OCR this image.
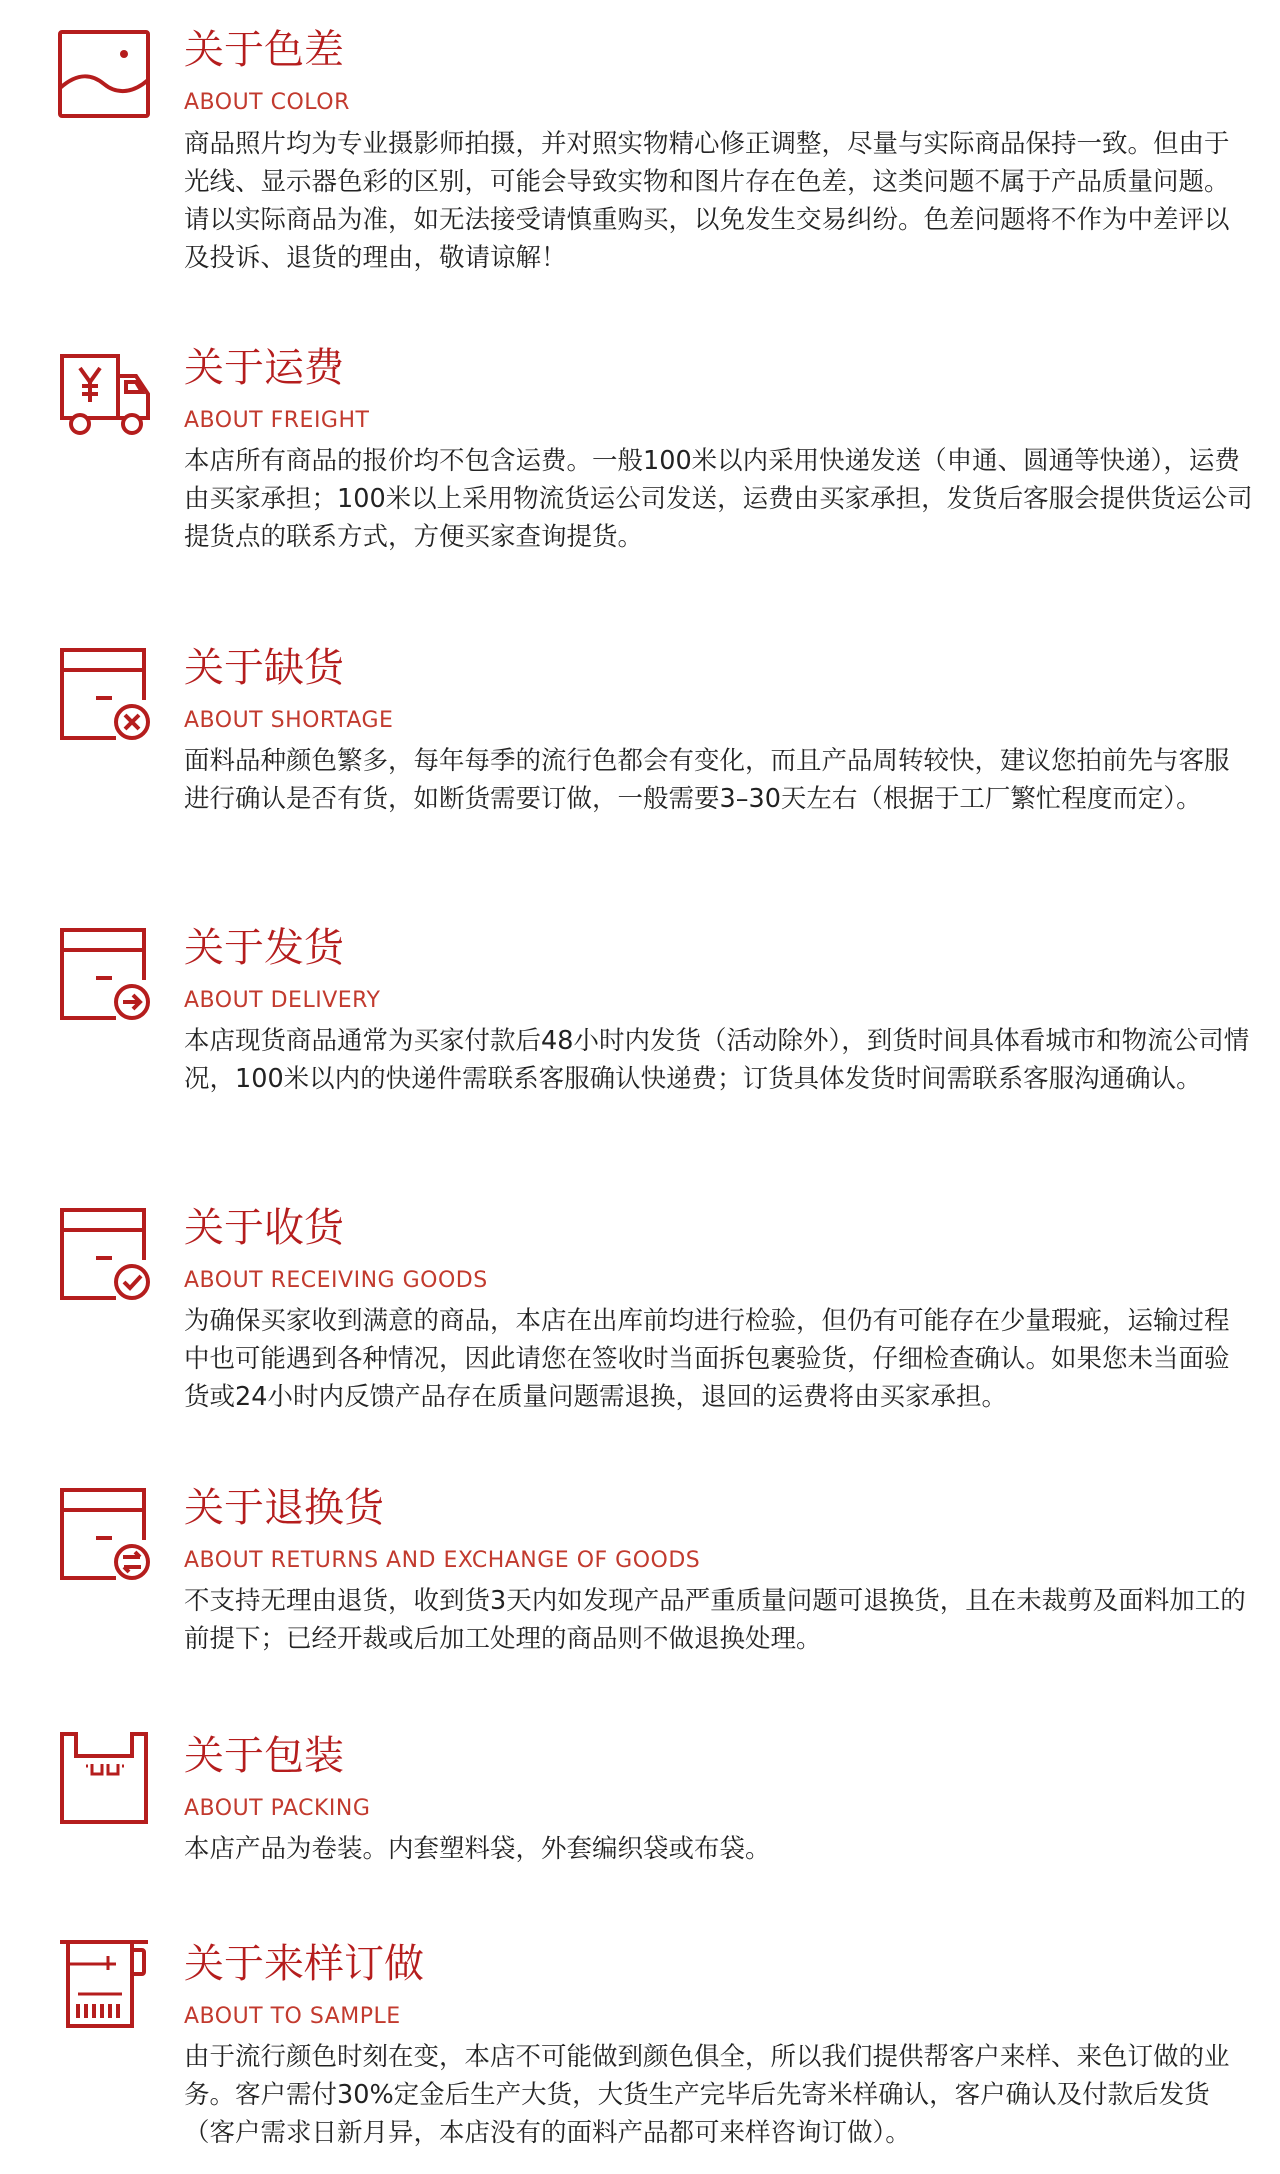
关于色差
ABOUT COLOR

商品照片均为专业摄影师拍摄，并对照实物精心修正调整，尽量与实际商品保持一致。但由于光线、显示器色彩的区别，可能会导致实物和图片存在色差，这类问题不属于产品质量问题。请以实际商品为准，如无法接受请慎重购买，以免发生交易纠纷。色差问题将不作为中差评以及投诉、退货的理由，敬请谅解！

关于运费
ABOUT FREIGHT

本店所有商品的报价均不包含运费。一般100米以内采用快递发送（申通、圆通等快递），运费由买家承担；100米以上采用物流货运公司发送，运费由买家承担，发货后客服会提供货运公司提货点的联系方式，方便买家查询提货。

关于缺货
ABOUT SHORTAGE

面料品种颜色繁多，每年每季的流行色都会有变化，而且产品周转较快，建议您拍前先与客服进行确认是否有货，如断货需要订做，一般需要3–30天左右（根据于工厂繁忙程度而定）。

关于发货
ABOUT DELIVERY

本店现货商品通常为买家付款后48小时内发货（活动除外），到货时间具体看城市和物流公司情况，100米以内的快递件需联系客服确认快递费；订货具体发货时间需联系客服沟通确认。

关于收货
ABOUT RECEIVING GOODS

为确保买家收到满意的商品，本店在出库前均进行检验，但仍有可能存在少量瑕疵，运输过程中也可能遇到各种情况，因此请您在签收时当面拆包裹验货，仔细检查确认。如果您未当面验货或24小时内反馈产品存在质量问题需退换，退回的运费将由买家承担。

关于退换货
ABOUT RETURNS AND EXCHANGE OF GOODS

不支持无理由退货，收到货3天内如发现产品严重质量问题可退换货，且在未裁剪及面料加工的前提下；已经开裁或后加工处理的商品则不做退换处理。

关于包装
ABOUT PACKING

本店产品为卷装。内套塑料袋，外套编织袋或布袋。

关于来样订做
ABOUT TO SAMPLE

由于流行颜色时刻在变，本店不可能做到颜色俱全，所以我们提供帮客户来样、来色订做的业务。客户需付30%定金后生产大货，大货生产完毕后先寄米样确认，客户确认及付款后发货（客户需求日新月异，本店没有的面料产品都可来样咨询订做）。
